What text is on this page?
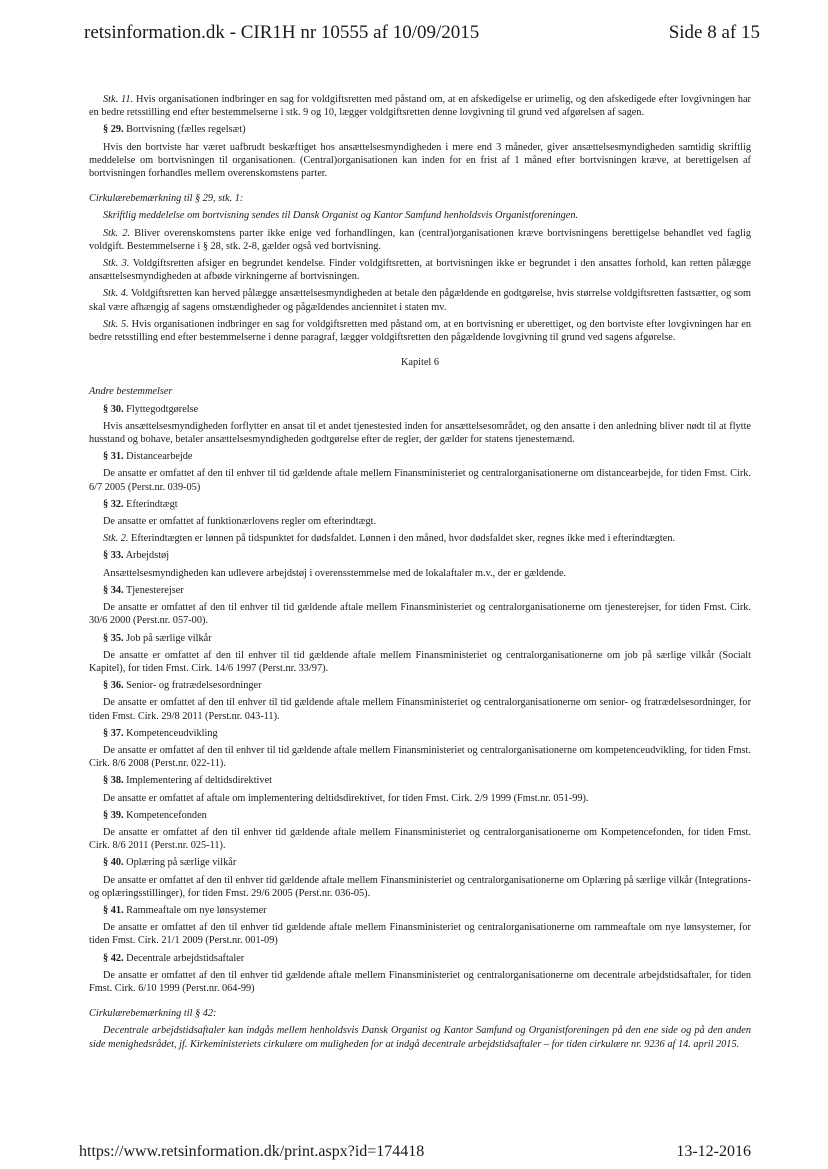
retsinformation.dk - CIR1H nr 10555 af 10/09/2015	Side 8 af 15

Stk. 11. Hvis organisationen indbringer en sag for voldgiftsretten med påstand om, at en afskedigelse er urimelig, og den afskedigede efter lovgivningen har en bedre retsstilling end efter bestemmelserne i stk. 9 og 10, lægger voldgiftsretten denne lovgivning til grund ved afgørelsen af sagen.

§ 29. Bortvisning (fælles regelsæt)

Hvis den bortviste har været uafbrudt beskæftiget hos ansættelsesmyndigheden i mere end 3 måneder, giver ansættelsesmyndigheden samtidig skriftlig meddelelse om bortvisningen til organisationen. (Central)organisationen kan inden for en frist af 1 måned efter bortvisningen kræve, at berettigelsen af bortvisningen forhandles mellem overenskomstens parter.

Cirkulærebemærkning til § 29, stk. 1:

Skriftlig meddelelse om bortvisning sendes til Dansk Organist og Kantor Samfund henholdsvis Organistforeningen.

Stk. 2. Bliver overenskomstens parter ikke enige ved forhandlingen, kan (central)organisationen kræve bortvisningens berettigelse behandlet ved faglig voldgift. Bestemmelserne i § 28, stk. 2-8, gælder også ved bortvisning.

Stk. 3. Voldgiftsretten afsiger en begrundet kendelse. Finder voldgiftsretten, at bortvisningen ikke er begrundet i den ansattes forhold, kan retten pålægge ansættelsesmyndigheden at afbøde virkningerne af bortvisningen.

Stk. 4. Voldgiftsretten kan herved pålægge ansættelsesmyndigheden at betale den pågældende en godtgørelse, hvis størrelse voldgiftsretten fastsætter, og som skal være afhængig af sagens omstændigheder og pågældendes anciennitet i staten mv.

Stk. 5. Hvis organisationen indbringer en sag for voldgiftsretten med påstand om, at en bortvisning er uberettiget, og den bortviste efter lovgivningen har en bedre retsstilling end efter bestemmelserne i denne paragraf, lægger voldgiftsretten den pågældende lovgivning til grund ved sagens afgørelse.

Kapitel 6

Andre bestemmelser

§ 30. Flyttegodtgørelse

Hvis ansættelsesmyndigheden forflytter en ansat til et andet tjenestested inden for ansættelsesområdet, og den ansatte i den anledning bliver nødt til at flytte husstand og bohave, betaler ansættelsesmyndigheden godtgørelse efter de regler, der gælder for statens tjenestemænd.

§ 31. Distancearbejde

De ansatte er omfattet af den til enhver til tid gældende aftale mellem Finansministeriet og centralorganisationerne om distancearbejde, for tiden Fmst. Cirk. 6/7 2005 (Perst.nr. 039-05)

§ 32. Efterindtægt

De ansatte er omfattet af funktionærlovens regler om efterindtægt.

Stk. 2. Efterindtægten er lønnen på tidspunktet for dødsfaldet. Lønnen i den måned, hvor dødsfaldet sker, regnes ikke med i efterindtægten.

§ 33. Arbejdstøj

Ansættelsesmyndigheden kan udlevere arbejdstøj i overensstemmelse med de lokalaftaler m.v., der er gældende.

§ 34. Tjenesterejser

De ansatte er omfattet af den til enhver til tid gældende aftale mellem Finansministeriet og centralorganisationerne om tjenesterejser, for tiden Fmst. Cirk. 30/6 2000 (Perst.nr. 057-00).

§ 35. Job på særlige vilkår

De ansatte er omfattet af den til enhver til tid gældende aftale mellem Finansministeriet og centralorganisationerne om job på særlige vilkår (Socialt Kapitel), for tiden Fmst. Cirk. 14/6 1997 (Perst.nr. 33/97).

§ 36. Senior- og fratrædelsesordninger

De ansatte er omfattet af den til enhver til tid gældende aftale mellem Finansministeriet og centralorganisationerne om senior- og fratrædelsesordninger, for tiden Fmst. Cirk. 29/8 2011 (Perst.nr. 043-11).

§ 37. Kompetenceudvikling

De ansatte er omfattet af den til enhver til tid gældende aftale mellem Finansministeriet og centralorganisationerne om kompetenceudvikling, for tiden Fmst. Cirk. 8/6 2008 (Perst.nr. 022-11).

§ 38. Implementering af deltidsdirektivet

De ansatte er omfattet af aftale om implementering deltidsdirektivet, for tiden Fmst. Cirk. 2/9 1999 (Fmst.nr. 051-99).

§ 39. Kompetencefonden

De ansatte er omfattet af den til enhver tid gældende aftale mellem Finansministeriet og centralorganisationerne om Kompetencefonden, for tiden Fmst. Cirk. 8/6 2011 (Perst.nr. 025-11).

§ 40. Oplæring på særlige vilkår

De ansatte er omfattet af den til enhver tid gældende aftale mellem Finansministeriet og centralorganisationerne om Oplæring på særlige vilkår (Integrations- og oplæringsstillinger), for tiden Fmst. 29/6 2005 (Perst.nr. 036-05).

§ 41. Rammeaftale om nye lønsystemer

De ansatte er omfattet af den til enhver tid gældende aftale mellem Finansministeriet og centralorganisationerne om rammeaftale om nye lønsystemer, for tiden Fmst. Cirk. 21/1 2009 (Perst.nr. 001-09)

§ 42. Decentrale arbejdstidsaftaler

De ansatte er omfattet af den til enhver tid gældende aftale mellem Finansministeriet og centralorganisationerne om decentrale arbejdstidsaftaler, for tiden Fmst. Cirk. 6/10 1999 (Perst.nr. 064-99)

Cirkulærebemærkning til § 42:

Decentrale arbejdstidsaftaler kan indgås mellem henholdsvis Dansk Organist og Kantor Samfund og Organistforeningen på den ene side og på den anden side menighedsrådet, jf. Kirkeministeriets cirkulære om muligheden for at indgå decentrale arbejdstidsaftaler – for tiden cirkulære nr. 9236 af 14. april 2015.

https://www.retsinformation.dk/print.aspx?id=174418	13-12-2016
